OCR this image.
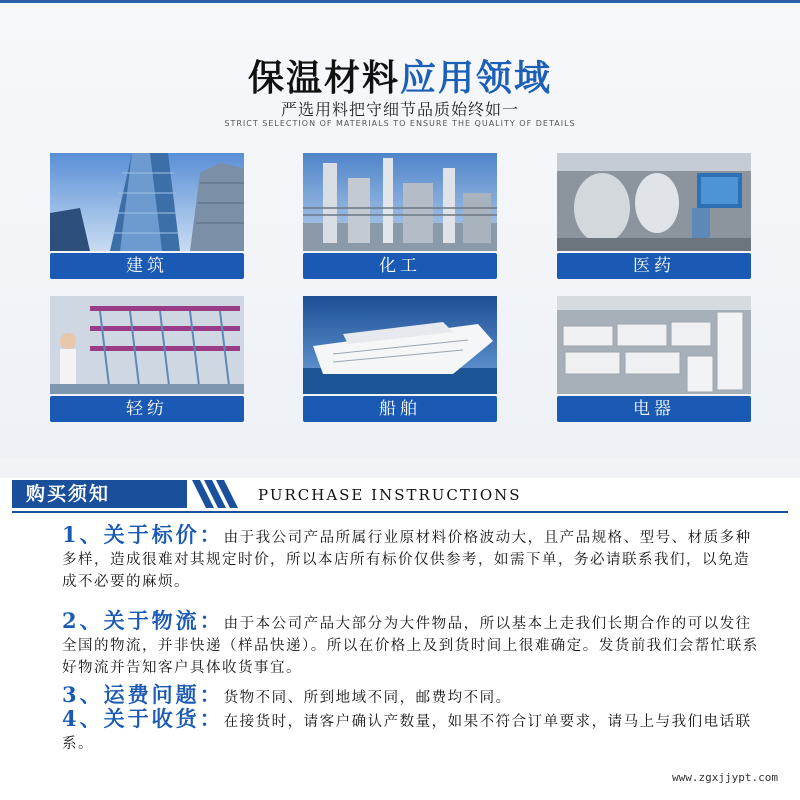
保温材料应用领域
严选用料把守细节品质始终如一
STRICT SELECTION OF MATERIALS TO ENSURE THE QUALITY OF DETAILS
建筑	化工	医药
轻纺	船舶	电器
购买须知	PURCHASE INSTRUCTIONS
1、关于标价：由于我公司产品所属行业原材料价格波动大，且产品规格、型号、材质多种多样，造成很难对其规定时价，所以本店所有标价仅供参考，如需下单，务必请联系我们，以免造成不必要的麻烦。
2、关于物流：由于本公司产品大部分为大件物品，所以基本上走我们长期合作的可以发往全国的物流，并非快递（样品快递）。所以在价格上及到货时间上很难确定。发货前我们会帮忙联系好物流并告知客户具体收货事宜。
3、运费问题：货物不同、所到地域不同，邮费均不同。
4、关于收货：在接货时，请客户确认产数量，如果不符合订单要求，请马上与我们电话联系。
www.zgxjjypt.com
